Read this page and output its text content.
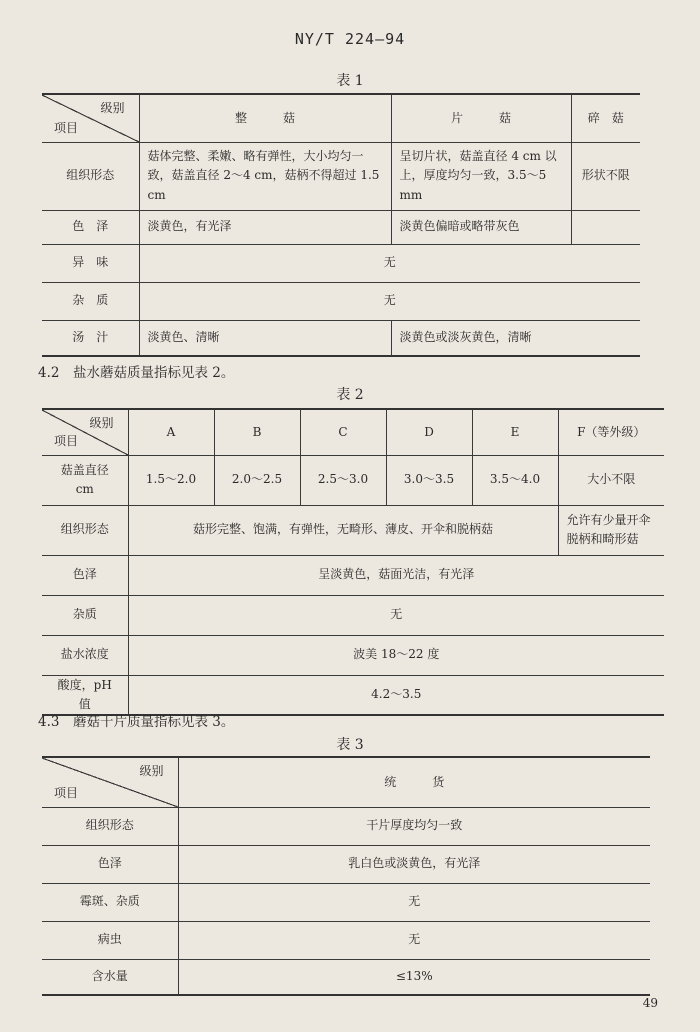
NY/T 224—94
表 1
级别
项目	整　　　菇	片　　　菇	碎　菇
组织形态	菇体完整、柔嫩、略有弹性，大小均匀一致，菇盖直径 2～4 cm，菇柄不得超过 1.5 cm	呈切片状，菇盖直径 4 cm 以上，厚度均匀一致，3.5～5 mm	形状不限
色　泽	淡黄色，有光泽	淡黄色偏暗或略带灰色	
异　味	无		
杂　质	无		
汤　汁	淡黄色、清晰	淡黄色或淡灰黄色，清晰	
4.2　盐水蘑菇质量指标见表 2。
表 2
级别
项目	A	B	C	D	E	F（等外级）

菇盖直径
cm	1.5～2.0	2.0～2.5	2.5～3.0	3.0～3.5	3.5～4.0	大小不限
组织形态	菇形完整、饱满，有弹性，无畸形、薄皮、开伞和脱柄菇					允许有少量开伞脱柄和畸形菇
色泽	呈淡黄色，菇面光洁，有光泽					
杂质	无					
盐水浓度	波美 18～22 度					
酸度，pH 值	4.2～3.5					
4.3　蘑菇干片质量指标见表 3。
表 3
级别
项目	统　　　货
组织形态	干片厚度均匀一致
色泽	乳白色或淡黄色，有光泽
霉斑、杂质	无
病虫	无
含水量	≤13%
49
